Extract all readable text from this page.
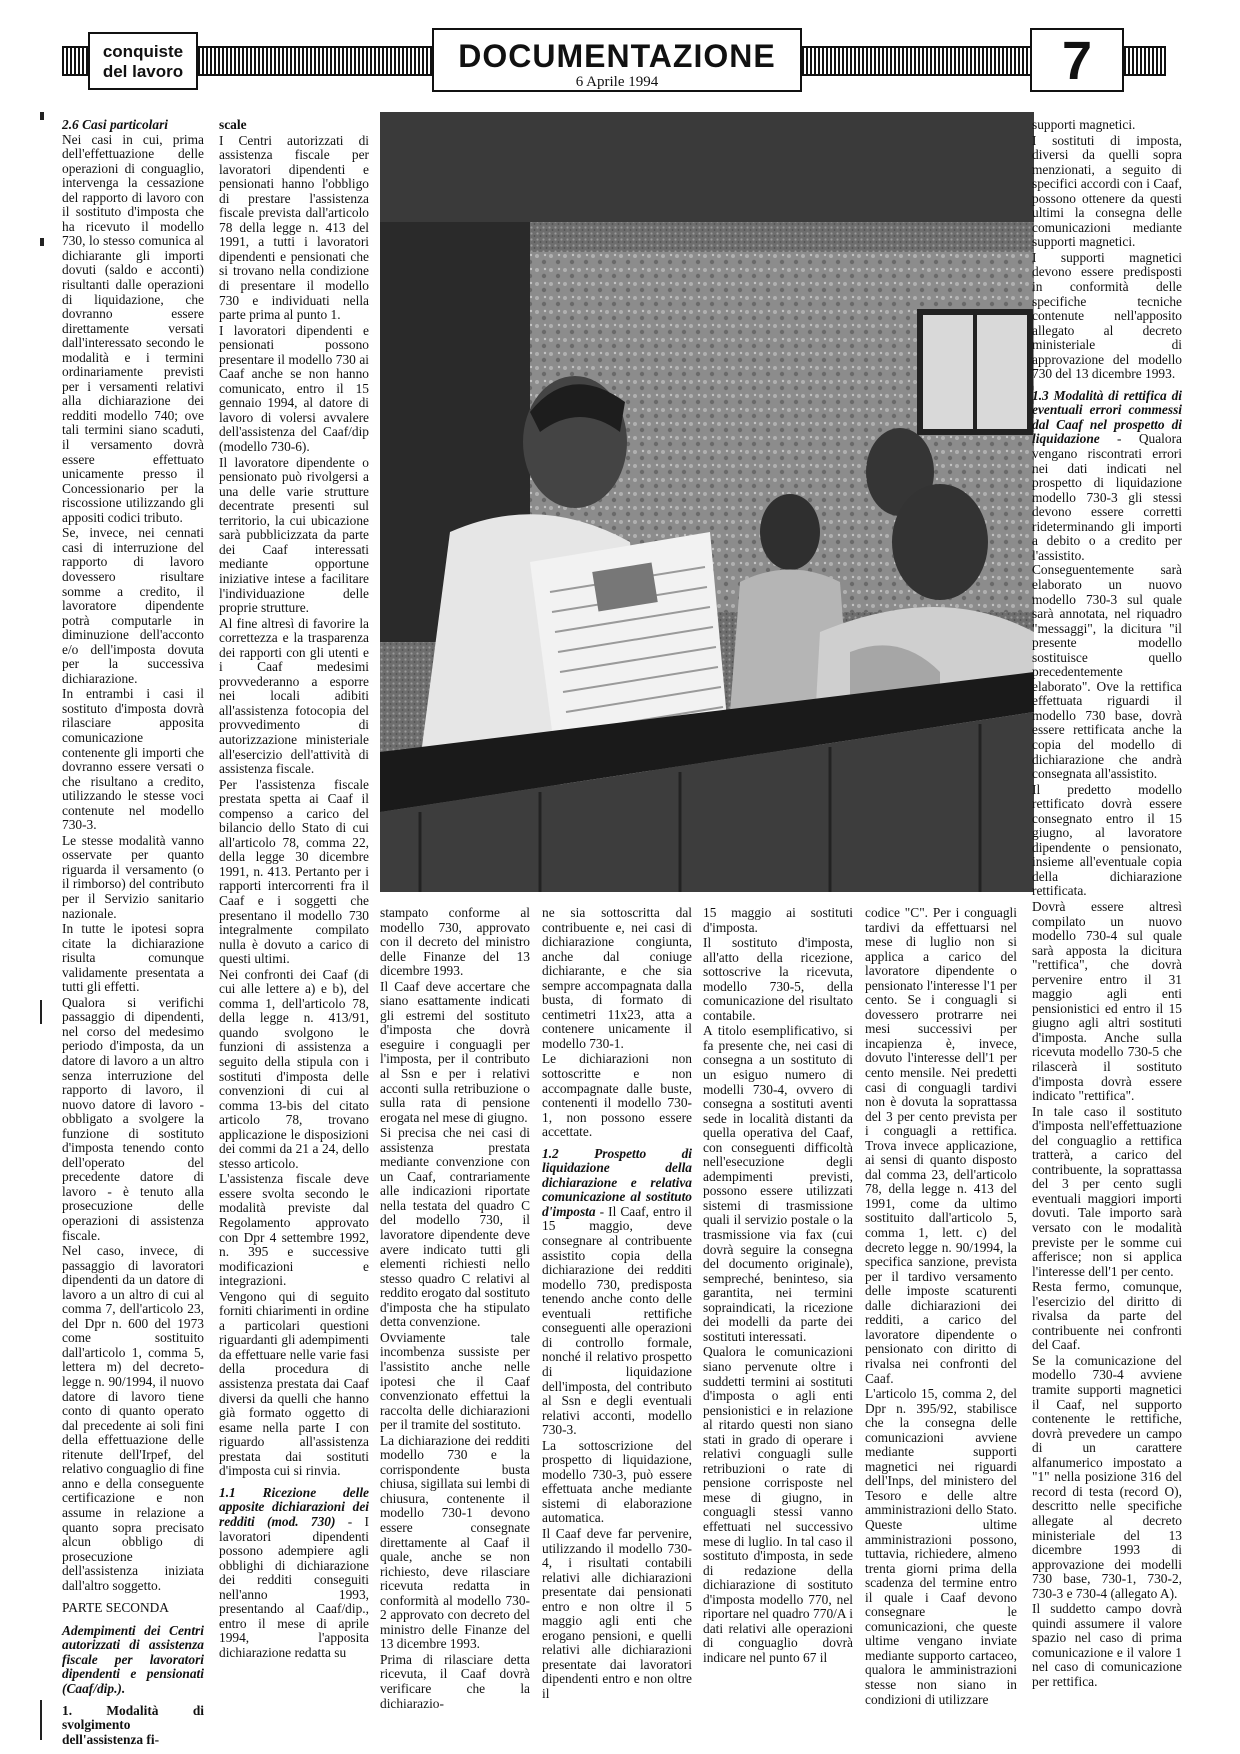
conquiste
del lavoro	DOCUMENTAZIONE
6 Aprile 1994	7

2.6 Casi particolari
Nei casi in cui, prima dell'effettuazione delle operazioni di conguaglio, intervenga la cessazione del rapporto di lavoro con il sostituto d'imposta che ha ricevuto il modello 730, lo stesso comunica al dichiarante gli importi dovuti (saldo e acconti) risultanti dalle operazioni di liquidazione, che dovranno essere direttamente versati dall'interessato secondo le modalità e i termini ordinariamente previsti per i versamenti relativi alla dichiarazione dei redditi modello 740; ove tali termini siano scaduti, il versamento dovrà essere effettuato unicamente presso il Concessionario per la riscossione utilizzando gli appositi codici tributo.

Se, invece, nei cennati casi di interruzione del rapporto di lavoro dovessero risultare somme a credito, il lavoratore dipendente potrà computarle in diminuzione dell'acconto e/o dell'imposta dovuta per la successiva dichiarazione.

In entrambi i casi il sostituto d'imposta dovrà rilasciare apposita comunicazione contenente gli importi che dovranno essere versati o che risultano a credito, utilizzando le stesse voci contenute nel modello 730-3.

Le stesse modalità vanno osservate per quanto riguarda il versamento (o il rimborso) del contributo per il Servizio sanitario nazionale.

In tutte le ipotesi sopra citate la dichiarazione risulta comunque validamente presentata a tutti gli effetti.

Qualora si verifichi passaggio di dipendenti, nel corso del medesimo periodo d'imposta, da un datore di lavoro a un altro senza interruzione del rapporto di lavoro, il nuovo datore di lavoro - obbligato a svolgere la funzione di sostituto d'imposta tenendo conto dell'operato del precedente datore di lavoro - è tenuto alla prosecuzione delle operazioni di assistenza fiscale.

Nel caso, invece, di passaggio di lavoratori dipendenti da un datore di lavoro a un altro di cui al comma 7, dell'articolo 23, del Dpr n. 600 del 1973 come sostituito dall'articolo 1, comma 5, lettera m) del decreto-legge n. 90/1994, il nuovo datore di lavoro tiene conto di quanto operato dal precedente ai soli fini della effettuazione delle ritenute dell'Irpef, del relativo conguaglio di fine anno e della conseguente certificazione e non assume in relazione a quanto sopra precisato alcun obbligo di prosecuzione dell'assistenza iniziata dall'altro soggetto.

PARTE SECONDA

Adempimenti dei Centri autorizzati di assistenza fiscale per lavoratori dipendenti e pensionati (Caaf/dip.).

1. Modalità di svolgimento dell'assistenza fi-

scale

I Centri autorizzati di assistenza fiscale per lavoratori dipendenti e pensionati hanno l'obbligo di prestare l'assistenza fiscale prevista dall'articolo 78 della legge n. 413 del 1991, a tutti i lavoratori dipendenti e pensionati che si trovano nella condizione di presentare il modello 730 e individuati nella parte prima al punto 1.

I lavoratori dipendenti e pensionati possono presentare il modello 730 ai Caaf anche se non hanno comunicato, entro il 15 gennaio 1994, al datore di lavoro di volersi avvalere dell'assistenza del Caaf/dip (modello 730-6).

Il lavoratore dipendente o pensionato può rivolgersi a una delle varie strutture decentrate presenti sul territorio, la cui ubicazione sarà pubblicizzata da parte dei Caaf interessati mediante opportune iniziative intese a facilitare l'individuazione delle proprie strutture.

Al fine altresì di favorire la correttezza e la trasparenza dei rapporti con gli utenti e i Caaf medesimi provvederanno a esporre nei locali adibiti all'assistenza fotocopia del provvedimento di autorizzazione ministeriale all'esercizio dell'attività di assistenza fiscale.

Per l'assistenza fiscale prestata spetta ai Caaf il compenso a carico del bilancio dello Stato di cui all'articolo 78, comma 22, della legge 30 dicembre 1991, n. 413. Pertanto per i rapporti intercorrenti fra il Caaf e i soggetti che presentano il modello 730 integralmente compilato nulla è dovuto a carico di questi ultimi.

Nei confronti dei Caaf (di cui alle lettere a) e b), del comma 1, dell'articolo 78, della legge n. 413/91, quando svolgono le funzioni di assistenza a seguito della stipula con i sostituti d'imposta delle convenzioni di cui al comma 13-bis del citato articolo 78, trovano applicazione le disposizioni dei commi da 21 a 24, dello stesso articolo.

L'assistenza fiscale deve essere svolta secondo le modalità previste dal Regolamento approvato con Dpr 4 settembre 1992, n. 395 e successive modificazioni e integrazioni.

Vengono qui di seguito forniti chiarimenti in ordine a particolari questioni riguardanti gli adempimenti da effettuare nelle varie fasi della procedura di assistenza prestata dai Caaf diversi da quelli che hanno già formato oggetto di esame nella parte I con riguardo all'assistenza prestata dai sostituti d'imposta cui si rinvia.

1.1 Ricezione delle apposite dichiarazioni dei redditi (mod. 730) - I lavoratori dipendenti possono adempiere agli obblighi di dichiarazione dei redditi conseguiti nell'anno 1993, presentando al Caaf/dip., entro il mese di aprile 1994, l'apposita dichiarazione redatta su

stampato conforme al modello 730, approvato con il decreto del ministro delle Finanze del 13 dicembre 1993.

Il Caaf deve accertare che siano esattamente indicati gli estremi del sostituto d'imposta che dovrà eseguire i conguagli per l'imposta, per il contributo al Ssn e per i relativi acconti sulla retribuzione o sulla rata di pensione erogata nel mese di giugno.

Si precisa che nei casi di assistenza prestata mediante convenzione con un Caaf, contrariamente alle indicazioni riportate nella testata del quadro C del modello 730, il lavoratore dipendente deve avere indicato tutti gli elementi richiesti nello stesso quadro C relativi al reddito erogato dal sostituto d'imposta che ha stipulato detta convenzione.

Ovviamente tale incombenza sussiste per l'assistito anche nelle ipotesi che il Caaf convenzionato effettui la raccolta delle dichiarazioni per il tramite del sostituto.

La dichiarazione dei redditi modello 730 e la corrispondente busta chiusa, sigillata sui lembi di chiusura, contenente il modello 730-1 devono essere consegnate direttamente al Caaf il quale, anche se non richiesto, deve rilasciare ricevuta redatta in conformità al modello 730-2 approvato con decreto del ministro delle Finanze del 13 dicembre 1993.

Prima di rilasciare detta ricevuta, il Caaf dovrà verificare che la dichiarazio-

ne sia sottoscritta dal contribuente e, nei casi di dichiarazione congiunta, anche dal coniuge dichiarante, e che sia sempre accompagnata dalla busta, di formato di centimetri 11x23, atta a contenere unicamente il modello 730-1.

Le dichiarazioni non sottoscritte e non accompagnate dalle buste, contenenti il modello 730-1, non possono essere accettate.

1.2 Prospetto di liquidazione della dichiarazione e relativa comunicazione al sostituto d'imposta - Il Caaf, entro il 15 maggio, deve consegnare al contribuente assistito copia della dichiarazione dei redditi modello 730, predisposta tenendo anche conto delle eventuali rettifiche conseguenti alle operazioni di controllo formale, nonché il relativo prospetto di liquidazione dell'imposta, del contributo al Ssn e degli eventuali relativi acconti, modello 730-3.

La sottoscrizione del prospetto di liquidazione, modello 730-3, può essere effettuata anche mediante sistemi di elaborazione automatica.

Il Caaf deve far pervenire, utilizzando il modello 730-4, i risultati contabili relativi alle dichiarazioni presentate dai pensionati entro e non oltre il 5 maggio agli enti che erogano pensioni, e quelli relativi alle dichiarazioni presentate dai lavoratori dipendenti entro e non oltre il

15 maggio ai sostituti d'imposta.

Il sostituto d'imposta, all'atto della ricezione, sottoscrive la ricevuta, modello 730-5, della comunicazione del risultato contabile.

A titolo esemplificativo, si fa presente che, nei casi di consegna a un sostituto di un esiguo numero di modelli 730-4, ovvero di consegna a sostituti aventi sede in località distanti da quella operativa del Caaf, con conseguenti difficoltà nell'esecuzione degli adempimenti previsti, possono essere utilizzati sistemi di trasmissione quali il servizio postale o la trasmissione via fax (cui dovrà seguire la consegna del documento originale), sempreché, beninteso, sia garantita, nei termini sopraindicati, la ricezione dei modelli da parte dei sostituti interessati.

Qualora le comunicazioni siano pervenute oltre i suddetti termini ai sostituti d'imposta o agli enti pensionistici e in relazione al ritardo questi non siano stati in grado di operare i relativi conguagli sulle retribuzioni o rate di pensione corrisposte nel mese di giugno, in conguagli stessi vanno effettuati nel successivo mese di luglio. In tal caso il sostituto d'imposta, in sede di redazione della dichiarazione di sostituto d'imposta modello 770, nel riportare nel quadro 770/A i dati relativi alle operazioni di conguaglio dovrà indicare nel punto 67 il

codice "C". Per i conguagli tardivi da effettuarsi nel mese di luglio non si applica a carico del lavoratore dipendente o pensionato l'interesse l'1 per cento. Se i conguagli si dovessero protrarre nei mesi successivi per incapienza è, invece, dovuto l'interesse dell'1 per cento mensile. Nei predetti casi di conguagli tardivi non è dovuta la soprattassa del 3 per cento prevista per i conguagli a rettifica. Trova invece applicazione, ai sensi di quanto disposto dal comma 23, dell'articolo 78, della legge n. 413 del 1991, come da ultimo sostituito dall'articolo 5, comma 1, lett. c) del decreto legge n. 90/1994, la specifica sanzione, prevista per il tardivo versamento delle imposte scaturenti dalle dichiarazioni dei redditi, a carico del lavoratore dipendente o pensionato con diritto di rivalsa nei confronti del Caaf.

L'articolo 15, comma 2, del Dpr n. 395/92, stabilisce che la consegna delle comunicazioni avviene mediante supporti magnetici nei riguardi dell'Inps, del ministero del Tesoro e delle altre amministrazioni dello Stato. Queste ultime amministrazioni possono, tuttavia, richiedere, almeno trenta giorni prima della scadenza del termine entro il quale i Caaf devono consegnare le comunicazioni, che queste ultime vengano inviate mediante supporto cartaceo, qualora le amministrazioni stesse non siano in condizioni di utilizzare

supporti magnetici.

I sostituti di imposta, diversi da quelli sopra menzionati, a seguito di specifici accordi con i Caaf, possono ottenere da questi ultimi la consegna delle comunicazioni mediante supporti magnetici.

I supporti magnetici devono essere predisposti in conformità delle specifiche tecniche contenute nell'apposito allegato al decreto ministeriale di approvazione del modello 730 del 13 dicembre 1993.

1.3 Modalità di rettifica di eventuali errori commessi dal Caaf nel prospetto di liquidazione - Qualora vengano riscontrati errori nei dati indicati nel prospetto di liquidazione modello 730-3 gli stessi devono essere corretti rideterminando gli importi a debito o a credito per l'assistito. Conseguentemente sarà elaborato un nuovo modello 730-3 sul quale sarà annotata, nel riquadro "messaggi", la dicitura "il presente modello sostituisce quello precedentemente elaborato". Ove la rettifica effettuata riguardi il modello 730 base, dovrà essere rettificata anche la copia del modello di dichiarazione che andrà consegnata all'assistito.

Il predetto modello rettificato dovrà essere consegnato entro il 15 giugno, al lavoratore dipendente o pensionato, insieme all'eventuale copia della dichiarazione rettificata.

Dovrà essere altresì compilato un nuovo modello 730-4 sul quale sarà apposta la dicitura "rettifica", che dovrà pervenire entro il 31 maggio agli enti pensionistici ed entro il 15 giugno agli altri sostituti d'imposta. Anche sulla ricevuta modello 730-5 che rilascerà il sostituto d'imposta dovrà essere indicato "rettifica".

In tale caso il sostituto d'imposta nell'effettuazione del conguaglio a rettifica tratterà, a carico del contribuente, la soprattassa del 3 per cento sugli eventuali maggiori importi dovuti. Tale importo sarà versato con le modalità previste per le somme cui afferisce; non si applica l'interesse dell'1 per cento.

Resta fermo, comunque, l'esercizio del diritto di rivalsa da parte del contribuente nei confronti del Caaf.

Se la comunicazione del modello 730-4 avviene tramite supporti magnetici il Caaf, nel supporto contenente le rettifiche, dovrà prevedere un campo di un carattere alfanumerico impostato a "1" nella posizione 316 del record di testa (record O), descritto nelle specifiche allegate al decreto ministeriale del 13 dicembre 1993 di approvazione dei modelli 730 base, 730-1, 730-2, 730-3 e 730-4 (allegato A).

Il suddetto campo dovrà quindi assumere il valore spazio nel caso di prima comunicazione e il valore 1 nel caso di comunicazione per rettifica.
